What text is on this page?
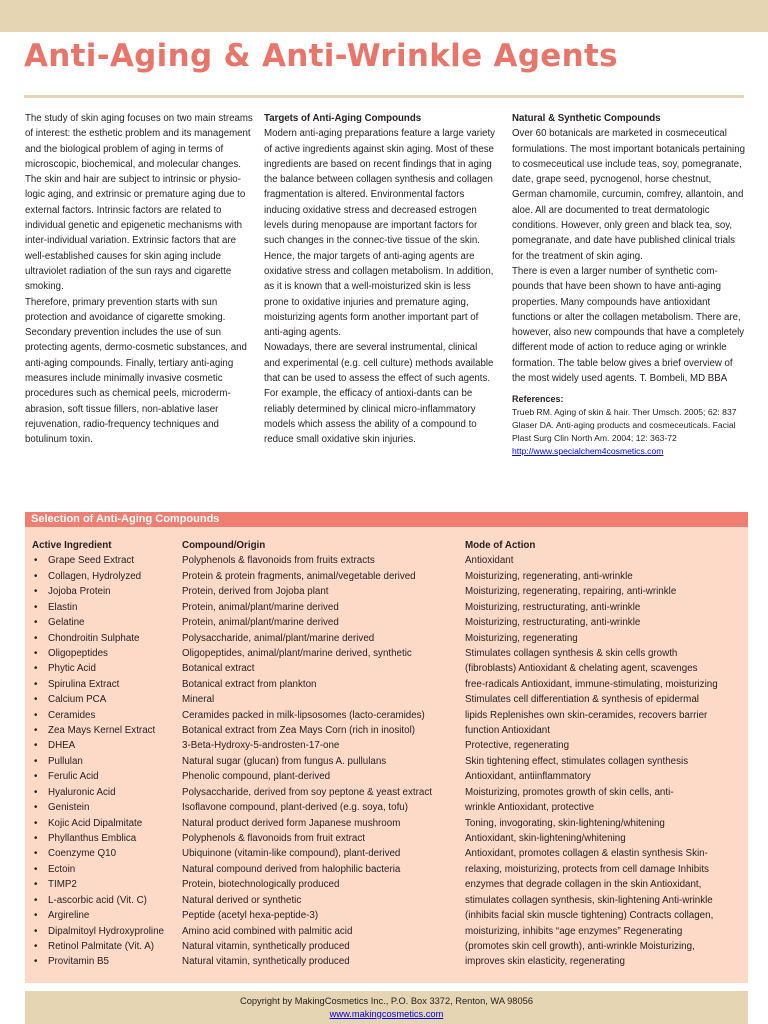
Anti-Aging & Anti-Wrinkle Agents

The study of skin aging focuses on two main streams of interest: the esthetic problem and its management and the biological problem of aging in terms of microscopic, biochemical, and molecular changes.

The skin and hair are subject to intrinsic or physio-logic aging, and extrinsic or premature aging due to external factors. Intrinsic factors are related to individual genetic and epigenetic mechanisms with inter-individual variation. Extrinsic factors that are well-established causes for skin aging include ultraviolet radiation of the sun rays and cigarette smoking.

Therefore, primary prevention starts with sun protection and avoidance of cigarette smoking. Secondary prevention includes the use of sun protecting agents, dermo-cosmetic substances, and anti-aging compounds. Finally, tertiary anti-aging measures include minimally invasive cosmetic procedures such as chemical peels, microderm-abrasion, soft tissue fillers, non-ablative laser rejuvenation, radio-frequency techniques and botulinum toxin.

Targets of Anti-Aging Compounds

Modern anti-aging preparations feature a large variety of active ingredients against skin aging. Most of these ingredients are based on recent findings that in aging the balance between collagen synthesis and collagen fragmentation is altered. Environmental factors inducing oxidative stress and decreased estrogen levels during menopause are important factors for such changes in the connec-tive tissue of the skin.

Hence, the major targets of anti-aging agents are oxidative stress and collagen metabolism. In addition, as it is known that a well-moisturized skin is less prone to oxidative injuries and premature aging, moisturizing agents form another important part of anti-aging agents.

Nowadays, there are several instrumental, clinical and experimental (e.g. cell culture) methods available that can be used to assess the effect of such agents. For example, the efficacy of antioxi-dants can be reliably determined by clinical micro-inflammatory models which assess the ability of a compound to reduce small oxidative skin injuries.

Natural & Synthetic Compounds

Over 60 botanicals are marketed in cosmeceutical formulations. The most important botanicals pertaining to cosmeceutical use include teas, soy, pomegranate, date, grape seed, pycnogenol, horse chestnut, German chamomile, curcumin, comfrey, allantoin, and aloe. All are documented to treat dermatologic conditions. However, only green and black tea, soy, pomegranate, and date have published clinical trials for the treatment of skin aging.

There is even a larger number of synthetic com-pounds that have been shown to have anti-aging properties. Many compounds have antioxidant functions or alter the collagen metabolism. There are, however, also new compounds that have a completely different mode of action to reduce aging or wrinkle formation. The table below gives a brief overview of the most widely used agents. T. Bombeli, MD BBA

References:

Trueb RM. Aging of skin & hair. Ther Umsch. 2005; 62: 837 Glaser DA. Anti-aging products and cosmeceuticals. Facial Plast Surg Clin North Am. 2004; 12: 363-72
http://www.specialchem4cosmetics.com

Selection of Anti-Aging Compounds
Active Ingredient
• Grape Seed Extract
• Collagen, Hydrolyzed
• Jojoba Protein
• Elastin
• Gelatine
• Chondroitin Sulphate
• Oligopeptides
• Phytic Acid
• Spirulina Extract
• Calcium PCA
• Ceramides
• Zea Mays Kernel Extract
• DHEA
• Pullulan
• Ferulic Acid
• Hyaluronic Acid
• Genistein
• Kojic Acid Dipalmitate
• Phyllanthus Emblica
• Coenzyme Q10
• Ectoin
• TIMP2
• L-ascorbic acid (Vit. C)
• Argireline
• Dipalmitoyl Hydroxyproline
• Retinol Palmitate (Vit. A)
• Provitamin B5
Compound/Origin
Polyphenols & flavonoids from fruits extracts
Protein & protein fragments, animal/vegetable derived
Protein, derived from Jojoba plant
Protein, animal/plant/marine derived
Protein, animal/plant/marine derived
Polysaccharide, animal/plant/marine derived
Oligopeptides, animal/plant/marine derived, synthetic
Botanical extract
Botanical extract from plankton
Mineral
Ceramides packed in milk-lipsosomes (lacto-ceramides)
Botanical extract from Zea Mays Corn (rich in inositol)
3-Beta-Hydroxy-5-androsten-17-one
Natural sugar (glucan) from fungus A. pullulans
Phenolic compound, plant-derived
Polysaccharide, derived from soy peptone & yeast extract
Isoflavone compound, plant-derived (e.g. soya, tofu)
Natural product derived form Japanese mushroom
Polyphenols & flavonoids from fruit extract
Ubiquinone (vitamin-like compound), plant-derived
Natural compound derived from halophilic bacteria
Protein, biotechnologically produced
Natural derived or synthetic
Peptide (acetyl hexa-peptide-3)
Amino acid combined with palmitic acid
Natural vitamin, synthetically produced
Natural vitamin, synthetically produced
Mode of Action
Antioxidant
Moisturizing, regenerating, anti-wrinkle
Moisturizing, regenerating, repairing, anti-wrinkle
Moisturizing, restructurating, anti-wrinkle
Moisturizing, restructurating, anti-wrinkle
Moisturizing, regenerating
Stimulates collagen synthesis & skin cells growth
(fibroblasts) Antioxidant & chelating agent, scavenges
free-radicals Antioxidant, immune-stimulating, moisturizing
Stimulates cell differentiation & synthesis of epidermal
lipids Replenishes own skin-ceramides, recovers barrier
function Antioxidant
Protective, regenerating
Skin tightening effect, stimulates collagen synthesis
Antioxidant, antiinflammatory
Moisturizing, promotes growth of skin cells, anti-
wrinkle Antioxidant, protective
Toning, invogorating, skin-lightening/whitening
Antioxidant, skin-lightening/whitening
Antioxidant, promotes collagen & elastin synthesis Skin-
relaxing, moisturizing, protects from cell damage Inhibits
enzymes that degrade collagen in the skin Antioxidant,
stimulates collagen synthesis, skin-lightening Anti-wrinkle
(inhibits facial skin muscle tightening) Contracts collagen,
moisturizing, inhibits “age enzymes” Regenerating
(promotes skin cell growth), anti-wrinkle Moisturizing,
improves skin elasticity, regenerating
Copyright by MakingCosmetics Inc., P.O. Box 3372, Renton, WA 98056
www.makingcosmetics.com
